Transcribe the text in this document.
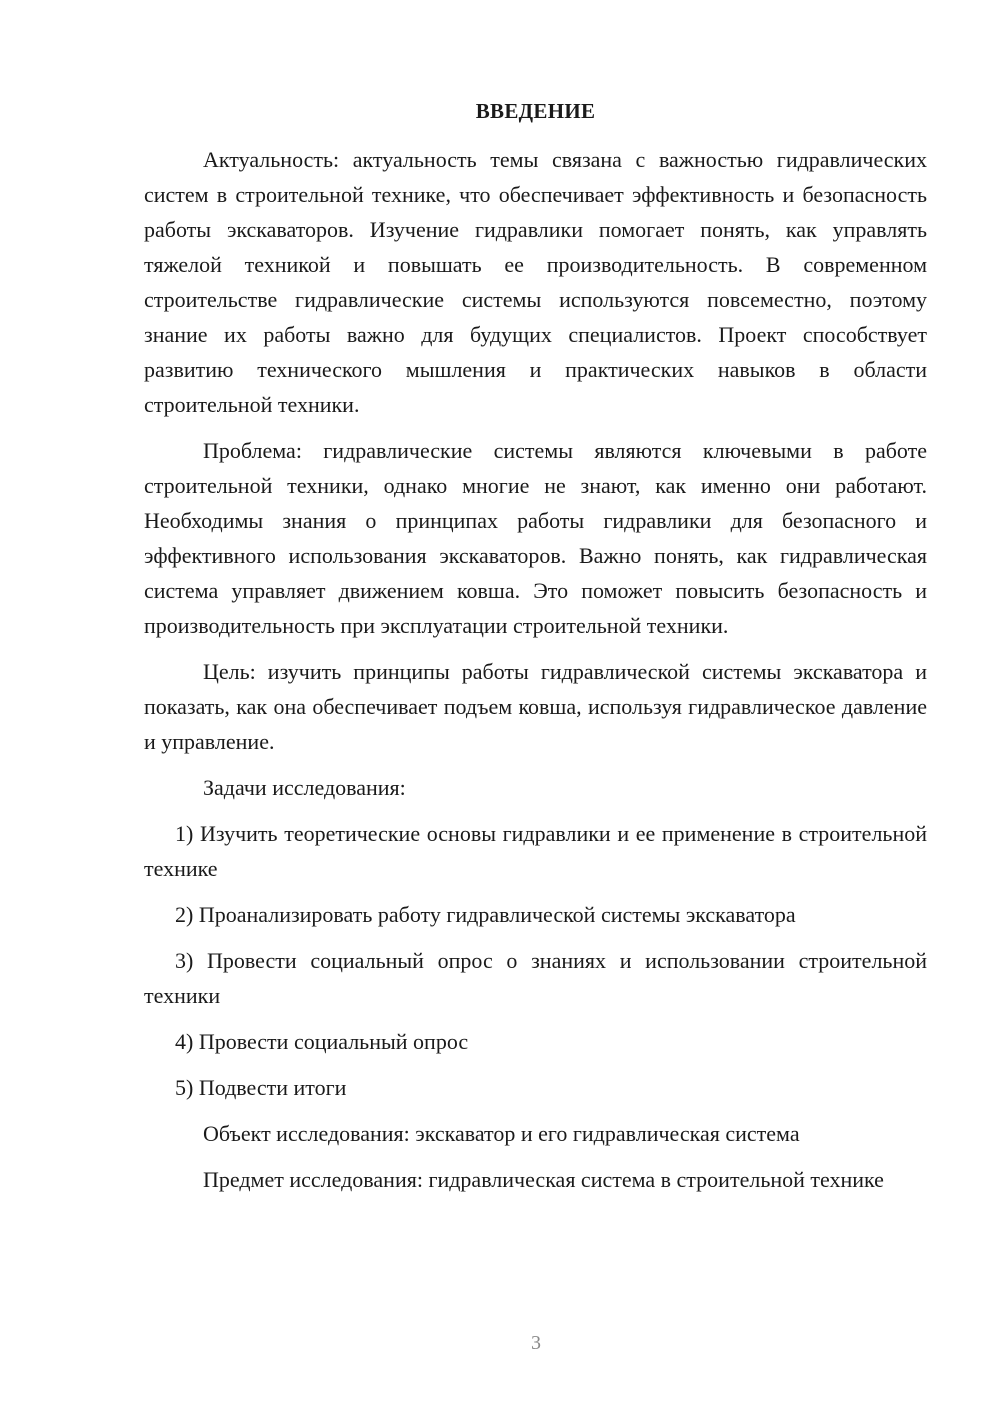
ВВЕДЕНИЕ

Актуальность: актуальность темы связана с важностью гидравлических систем в строительной технике, что обеспечивает эффективность и безопасность работы экскаваторов. Изучение гидравлики помогает понять, как управлять тяжелой техникой и повышать ее производительность. В современном строительстве гидравлические системы используются повсеместно, поэтому знание их работы важно для будущих специалистов. Проект способствует развитию технического мышления и практических навыков в области строительной техники.

Проблема: гидравлические системы являются ключевыми в работе строительной техники, однако многие не знают, как именно они работают. Необходимы знания о принципах работы гидравлики для безопасного и эффективного использования экскаваторов. Важно понять, как гидравлическая система управляет движением ковша. Это поможет повысить безопасность и производительность при эксплуатации строительной техники.

Цель: изучить принципы работы гидравлической системы экскаватора и показать, как она обеспечивает подъем ковша, используя гидравлическое давление и управление.

Задачи исследования:

1) Изучить теоретические основы гидравлики и ее применение в строительной технике

2) Проанализировать работу гидравлической системы экскаватора

3) Провести социальный опрос о знаниях и использовании строительной техники

4) Провести социальный опрос

5) Подвести итоги

Объект исследования: экскаватор и его гидравлическая система

Предмет исследования: гидравлическая система в строительной технике

3
